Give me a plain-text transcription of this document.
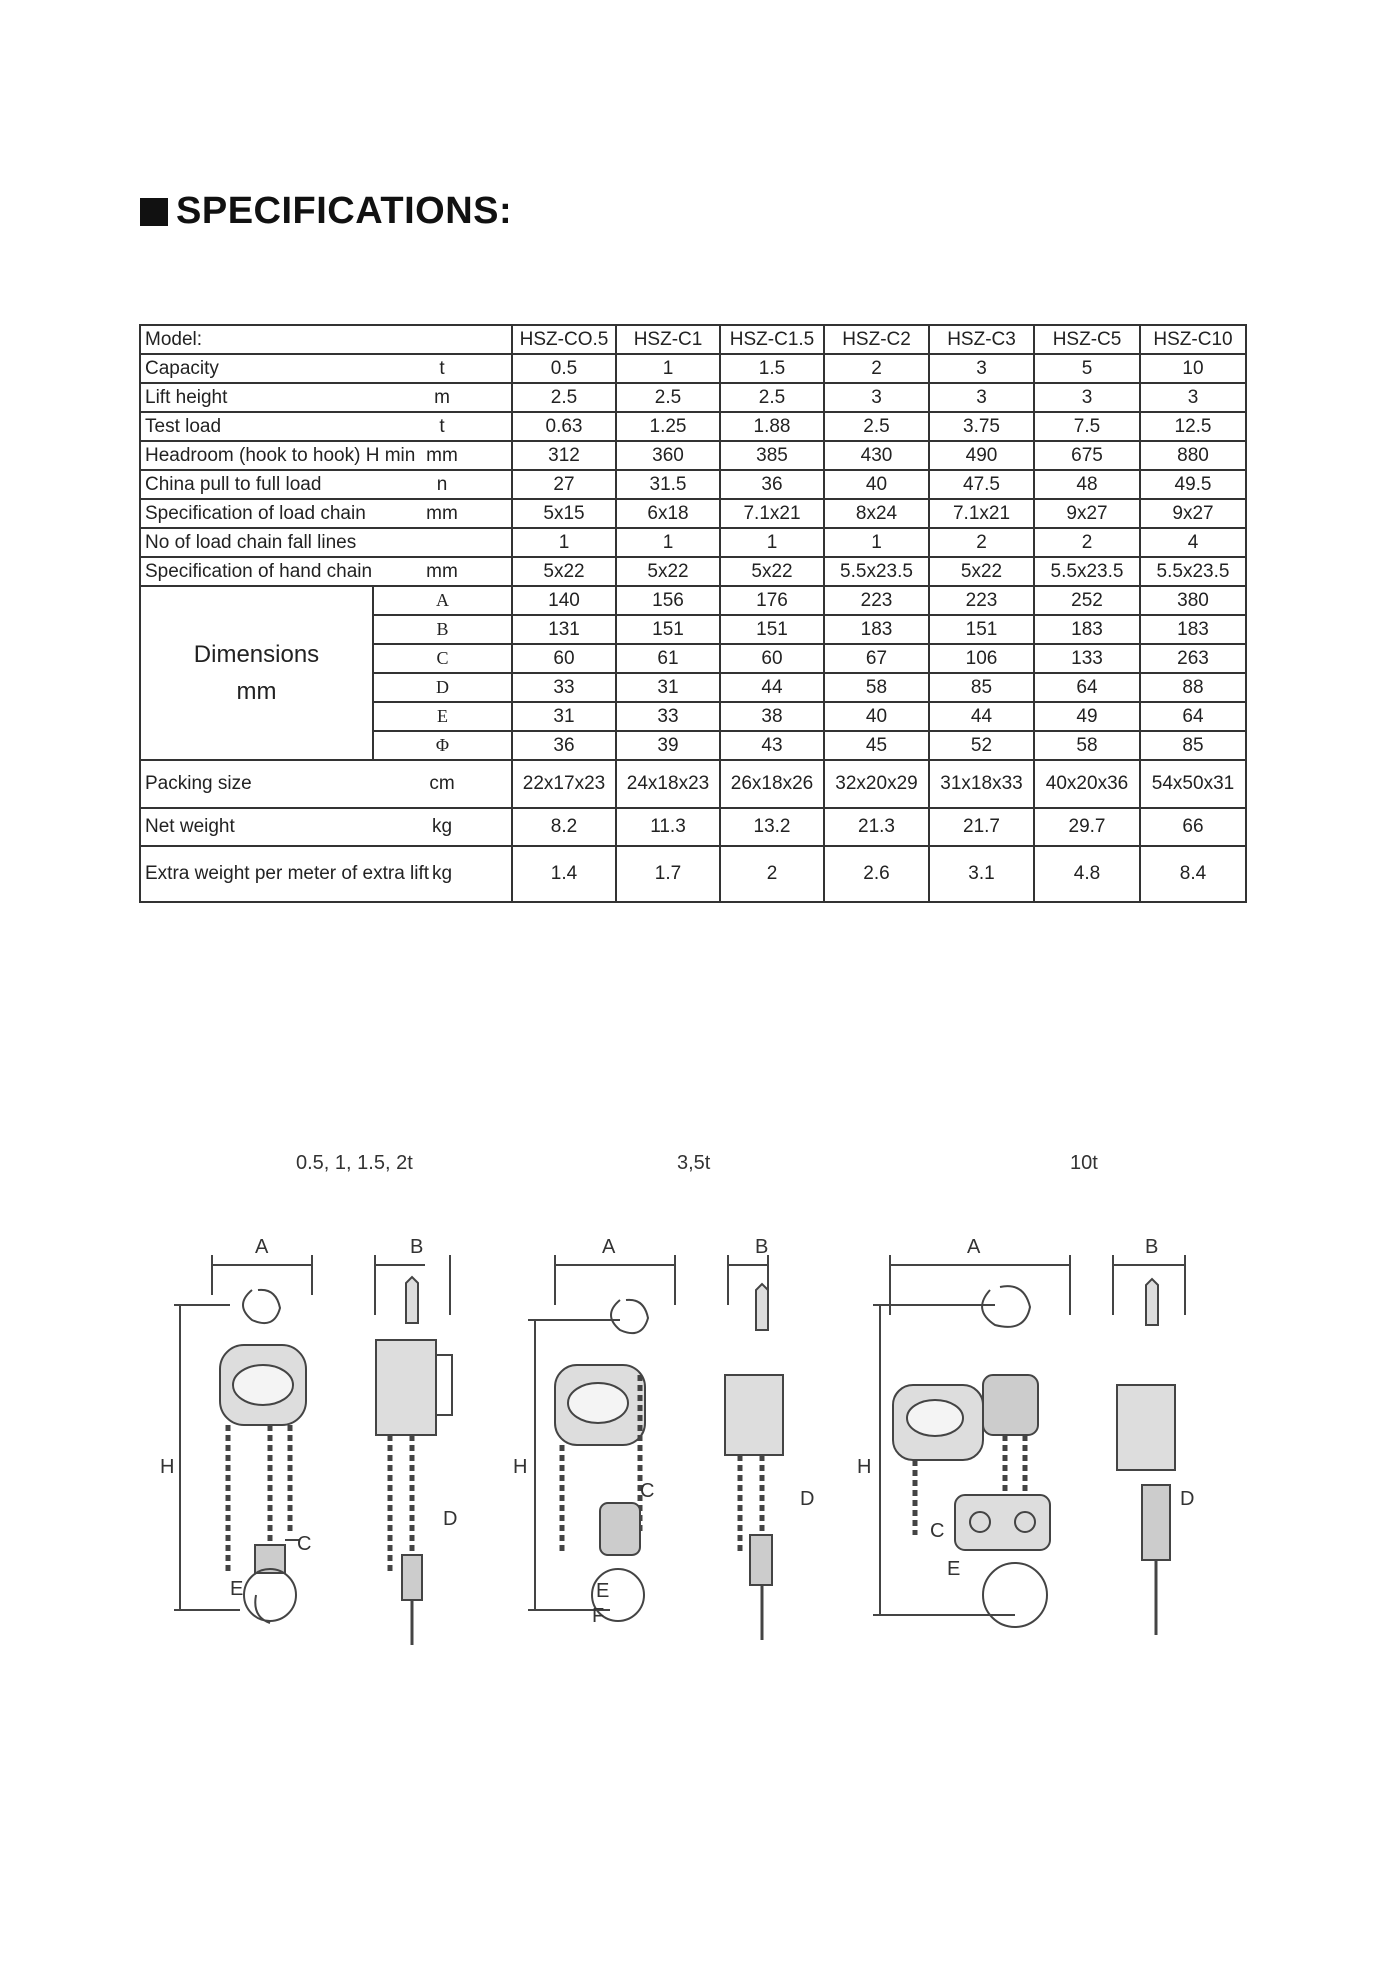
SPECIFICATIONS:
Model:		HSZ-CO.5	HSZ-C1	HSZ-C1.5	HSZ-C2	HSZ-C3	HSZ-C5	HSZ-C10
Capacity	t	0.5	1	1.5	2	3	5	10
Lift height	m	2.5	2.5	2.5	3	3	3	3
Test load	t	0.63	1.25	1.88	2.5	3.75	7.5	12.5
Headroom (hook to hook) H min	mm	312	360	385	430	490	675	880
China pull to full load	n	27	31.5	36	40	47.5	48	49.5
Specification of load chain	mm	5x15	6x18	7.1x21	8x24	7.1x21	9x27	9x27
No of load chain fall lines		1	1	1	1	2	2	4
Specification of hand chain	mm	5x22	5x22	5x22	5.5x23.5	5x22	5.5x23.5	5.5x23.5

Dimensions
mm	A	140	156	176	223	223	252	380
	B	131	151	151	183	151	183	183
	C	60	61	60	67	106	133	263
	D	33	31	44	58	85	64	88
	E	31	33	38	40	44	49	64
	Φ	36	39	43	45	52	58	85
Packing size	cm	22x17x23	24x18x23	26x18x26	32x20x29	31x18x33	40x20x36	54x50x31
Net weight	kg	8.2	11.3	13.2	21.3	21.7	29.7	66
Extra weight per meter of extra lift	kg	1.4	1.7	2	2.6	3.1	4.8	8.4
0.5, 1, 1.5, 2t	3,5t	10t
A	B
H
C
E
D
A	B
H
C
E
F
D
A	B
H
C
E
D
